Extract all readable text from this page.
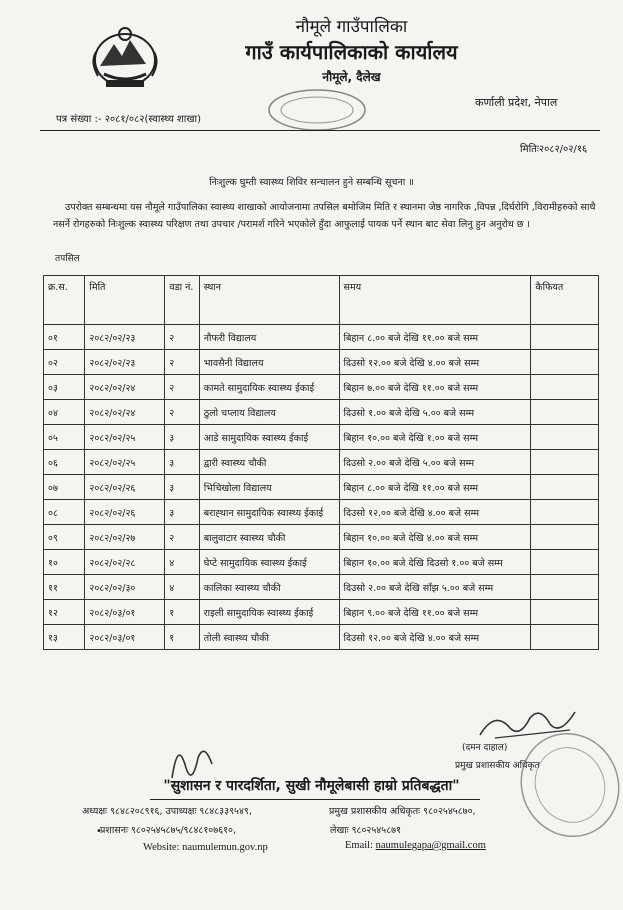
नौमूले गाउँपालिका
गाउँ कार्यपालिकाको कार्यालय
नौमूले, दैलेख
पत्र संख्या :- २०८१/०८२(स्वास्थ्य शाखा)
कर्णाली प्रदेश, नेपाल
मितिः२०८२/०२/१६
निःशुल्क घुम्ती स्वास्थ्य शिविर सन्चालन हुने सम्बन्धि सूचना ॥
उपरोक्त सम्बन्धमा यस नौमूले गाउँपालिका स्वास्थ्य शाखाको आयोजनामा तपसिल बमोजिम मिति र स्थानमा जेष्ठ नागरिक ,विपन्न ,दिर्घरोगि ,विरामीहरुको साथै नसर्ने रोगहरुको निःशुल्क स्वास्थ्य परिक्षण तथा उपचार /परामर्श गरिने भएकोले हुँदा आफुलाई पायक पर्ने स्थान बाट सेवा लिनु हुन अनुरोध छ ।
तपसिल
क्र.स.	मिति	वडा नं.	स्थान	समय	कैफियत
०१	२०८२/०२/२३	२	नौफरी विद्यालय	बिहान ८.०० बजे देखि ११.०० बजे सम्म	
०२	२०८२/०२/२३	२	भावसैनी विद्यालय	दिउसो १२.०० बजे देखि ४.०० बजे सम्म	
०३	२०८२/०२/२४	२	कामते सामुदायिक स्वास्थ्य ईकाई	बिहान ७.०० बजे देखि ११.०० बजे सम्म	
०४	२०८२/०२/२४	२	ठुलो चप्लाय विद्यालय	दिउसो १.०० बजे देखि ५.०० बजे सम्म	
०५	२०८२/०२/२५	३	आडे सामुदायिक स्वास्थ्य ईकाई	बिहान १०.०० बजे देखि १.०० बजे सम्म	
०६	२०८२/०२/२५	३	द्वारी स्वास्थ्य चौकी	दिउसो २.०० बजे देखि ५.०० बजे सम्म	
०७	२०८२/०२/२६	३	भिचिखोला विद्यालय	बिहान ८.०० बजे देखि ११.०० बजे सम्म	
०८	२०८२/०२/२६	३	बराह्थान सामुदायिक स्वास्थ्य ईकाई	दिउसो १२.०० बजे देखि ४.०० बजे सम्म	
०९	२०८२/०२/२७	२	बालुवाटार स्वास्थ्य चौकी	बिहान १०.०० बजे देखि ४.०० बजे सम्म	
१०	२०८२/०२/२८	४	घेप्टे सामुदायिक स्वास्थ्य ईकाई	बिहान १०.०० बजे देखि दिउसो १.०० बजे सम्म	
११	२०८२/०२/३०	४	कालिका स्वास्थ्य चौकी	दिउसो २.०० बजे देखि साँझ ५.०० बजे सम्म	
१२	२०८२/०३/०१	१	राइली सामुदायिक स्वास्थ्य ईकाई	बिहान ९.०० बजे देखि ११.०० बजे सम्म	
१३	२०८२/०३/०१	१	तोली स्वास्थ्य चौकी	दिउसो १२.०० बजे देखि ४.०० बजे सम्म	
(दमन दाहाल)
प्रमुख प्रशासकीय अधिकृत
"सुशासन र पारदर्शिता, सुखी नौमूलेबासी हाम्रो प्रतिबद्धता"
अध्यक्षः ९८४८२०८९१६, उपाध्यक्षः ९८४८३३९५४९,	प्रमुख प्रशासकीय अधिकृतः ९८०२५४५८७०,
•
प्रशासनः ९८०२५४५८७५/९८४८१०७६१०,	लेखाः ९८०२५४५८७१
Website: naumulemun.gov.np	Email: naumulegapa@gmail.com
